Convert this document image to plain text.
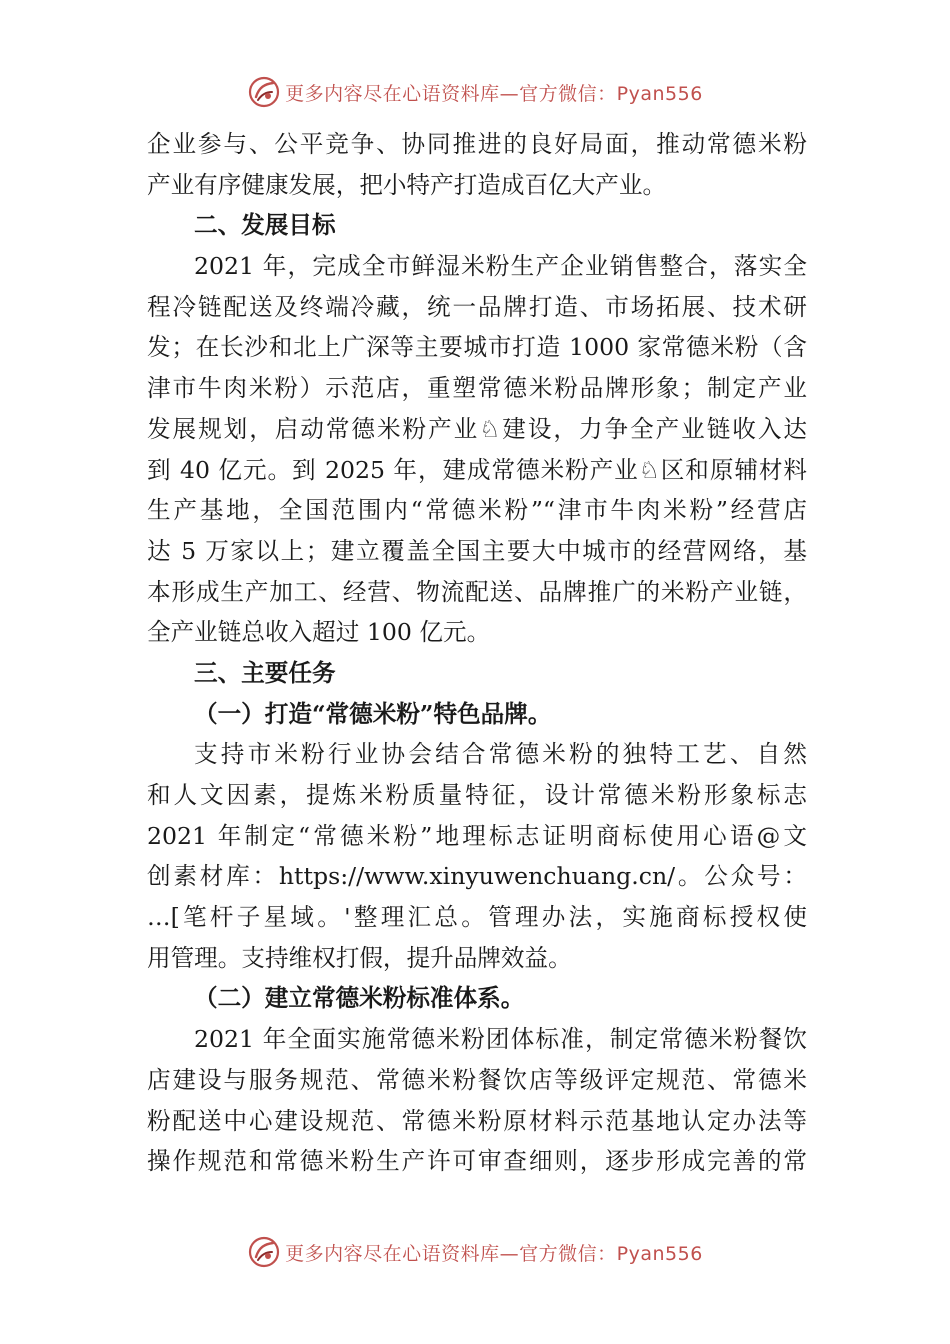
更多内容尽在心语资料库—官方微信：Pyan556
企业参与、公平竞争、协同推进的良好局面，推动常德米粉
产业有序健康发展，把小特产打造成百亿大产业。
二、发展目标
2021 年，完成全市鲜湿米粉生产企业销售整合，落实全
程冷链配送及终端冷藏，统一品牌打造、市场拓展、技术研
发；在长沙和北上广深等主要城市打造 1000 家常德米粉（含
津市牛肉米粉）示范店，重塑常德米粉品牌形象；制定产业
发展规划，启动常德米粉产业♘建设，力争全产业链收入达
到 40 亿元。到 2025 年，建成常德米粉产业♘区和原辅材料
生产基地，全国范围内“常德米粉”“津市牛肉米粉”经营店
达 5 万家以上；建立覆盖全国主要大中城市的经营网络，基
本形成生产加工、经营、物流配送、品牌推广的米粉产业链，
全产业链总收入超过 100 亿元。
三、主要任务
（一）打造“常德米粉”特色品牌。
支持市米粉行业协会结合常德米粉的独特工艺、自然
和人文因素，提炼米粉质量特征，设计常德米粉形象标志
2021 年制定“常德米粉”地理标志证明商标使用心语@文
创素材库：https://www.xinyuwenchuang.cn/。公众号：
…[笔杆子星域。'整理汇总。管理办法，实施商标授权使
用管理。支持维权打假，提升品牌效益。
（二）建立常德米粉标准体系。
2021 年全面实施常德米粉团体标准，制定常德米粉餐饮
店建设与服务规范、常德米粉餐饮店等级评定规范、常德米
粉配送中心建设规范、常德米粉原材料示范基地认定办法等
操作规范和常德米粉生产许可审查细则，逐步形成完善的常
更多内容尽在心语资料库—官方微信：Pyan556
